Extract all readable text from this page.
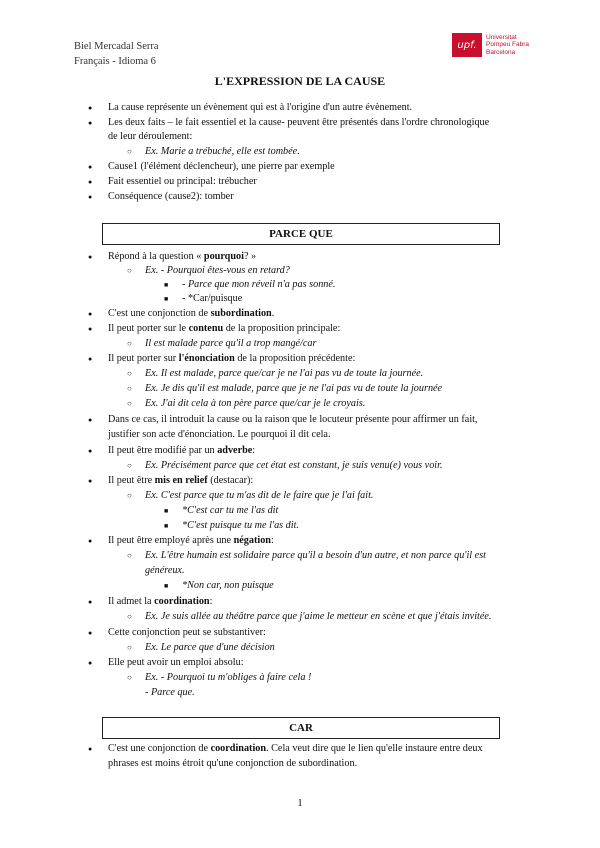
Biel Mercadal Serra
Français - Idioma 6
upf.
Universitat
Pompeu Fabra
Barcelona
L'EXPRESSION DE LA CAUSE
● La cause représente un évènement qui est à l'origine d'un autre évènement.
● Les deux faits – le fait essentiel et la cause- peuvent être présentés dans l'ordre chronologique
de leur déroulement:
○ Ex. Marie a trébuché, elle est tombée.
● Cause1 (l'élément déclencheur), une pierre par exemple
● Fait essentiel ou principal: trébucher
● Conséquence (cause2): tomber
PARCE QUE
● Répond à la question « pourquoi? »
○ Ex. - Pourquoi êtes-vous en retard?
■ - Parce que mon réveil n'a pas sonné.
■ - *Car/puisque
● C'est une conjonction de subordination.
● Il peut porter sur le contenu de la proposition principale:
○ Il est malade parce qu'il a trop mangé/car
● Il peut porter sur l'énonciation de la proposition précédente:
○ Ex. Il est malade, parce que/car je ne l'ai pas vu de toute la journée.
○ Ex. Je dis qu'il est malade, parce que je ne l'ai pas vu de toute la journée
○ Ex. J'ai dit cela à ton père parce que/car je le croyais.
● Dans ce cas, il introduit la cause ou la raison que le locuteur présente pour affirmer un fait,
justifier son acte d'énonciation. Le pourquoi il dit cela.
● Il peut être modifié par un adverbe:
○ Ex. Précisément parce que cet état est constant, je suis venu(e) vous voir.
● Il peut être mis en relief (destacar):
○ Ex. C'est parce que tu m'as dit de le faire que je l'ai fait.
■ *C'est car tu me l'as dit
■ *C'est puisque tu me l'as dit.
● Il peut être employé après une négation:
○ Ex. L'être humain est solidaire parce qu'il a besoin d'un autre, et non parce qu'il est
généreux.
■ *Non car, non puisque
● Il admet la coordination:
○ Ex. Je suis allée au théâtre parce que j'aime le metteur en scène et que j'étais invitée.
● Cette conjonction peut se substantiver:
○ Ex. Le parce que d'une décision
● Elle peut avoir un emploi absolu:
○ Ex. - Pourquoi tu m'obliges à faire cela !
- Parce que.
CAR
● C'est une conjonction de coordination. Cela veut dire que le lien qu'elle instaure entre deux
phrases est moins étroit qu'une conjonction de subordination.
1
